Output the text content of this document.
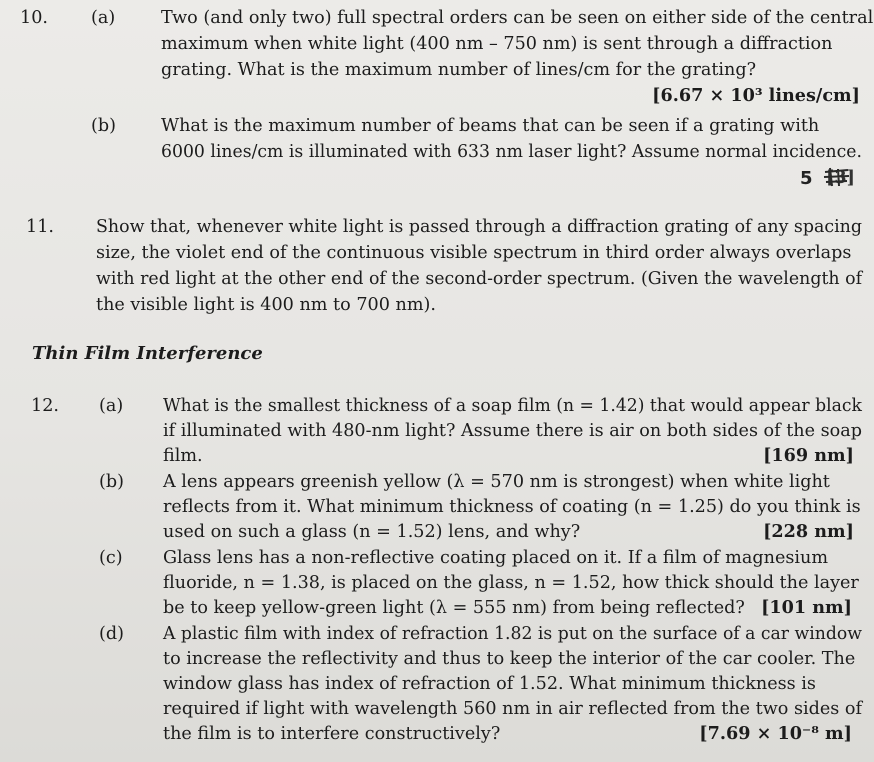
10. (a)	Two (and only two) full spectral orders can be seen on either side of the central
maximum when white light (400 nm – 750 nm) is sent through a diffraction
grating. What is the maximum number of lines/cm for the grating?
[6.67 × 10³ lines/cm]
(b)	What is the maximum number of beams that can be seen if a grating with
6000 lines/cm is illuminated with 633 nm laser light? Assume normal incidence.
5 [3]
11. Show that, whenever white light is passed through a diffraction grating of any spacing
size, the violet end of the continuous visible spectrum in third order always overlaps
with red light at the other end of the second-order spectrum. (Given the wavelength of
the visible light is 400 nm to 700 nm).
Thin Film Interference
12. (a) What is the smallest thickness of a soap film (n = 1.42) that would appear black
if illuminated with 480-nm light? Assume there is air on both sides of the soap
film.	[169 nm]
(b) A lens appears greenish yellow (λ = 570 nm is strongest) when white light
reflects from it. What minimum thickness of coating (n = 1.25) do you think is
used on such a glass (n = 1.52) lens, and why?	[228 nm]
(c) Glass lens has a non-reflective coating placed on it. If a film of magnesium
fluoride, n = 1.38, is placed on the glass, n = 1.52, how thick should the layer
be to keep yellow-green light (λ = 555 nm) from being reflected? [101 nm]
(d) A plastic film with index of refraction 1.82 is put on the surface of a car window
to increase the reflectivity and thus to keep the interior of the car cooler. The
window glass has index of refraction of 1.52. What minimum thickness is
required if light with wavelength 560 nm in air reflected from the two sides of
the film is to interfere constructively?	[7.69 × 10⁻⁸ m]
